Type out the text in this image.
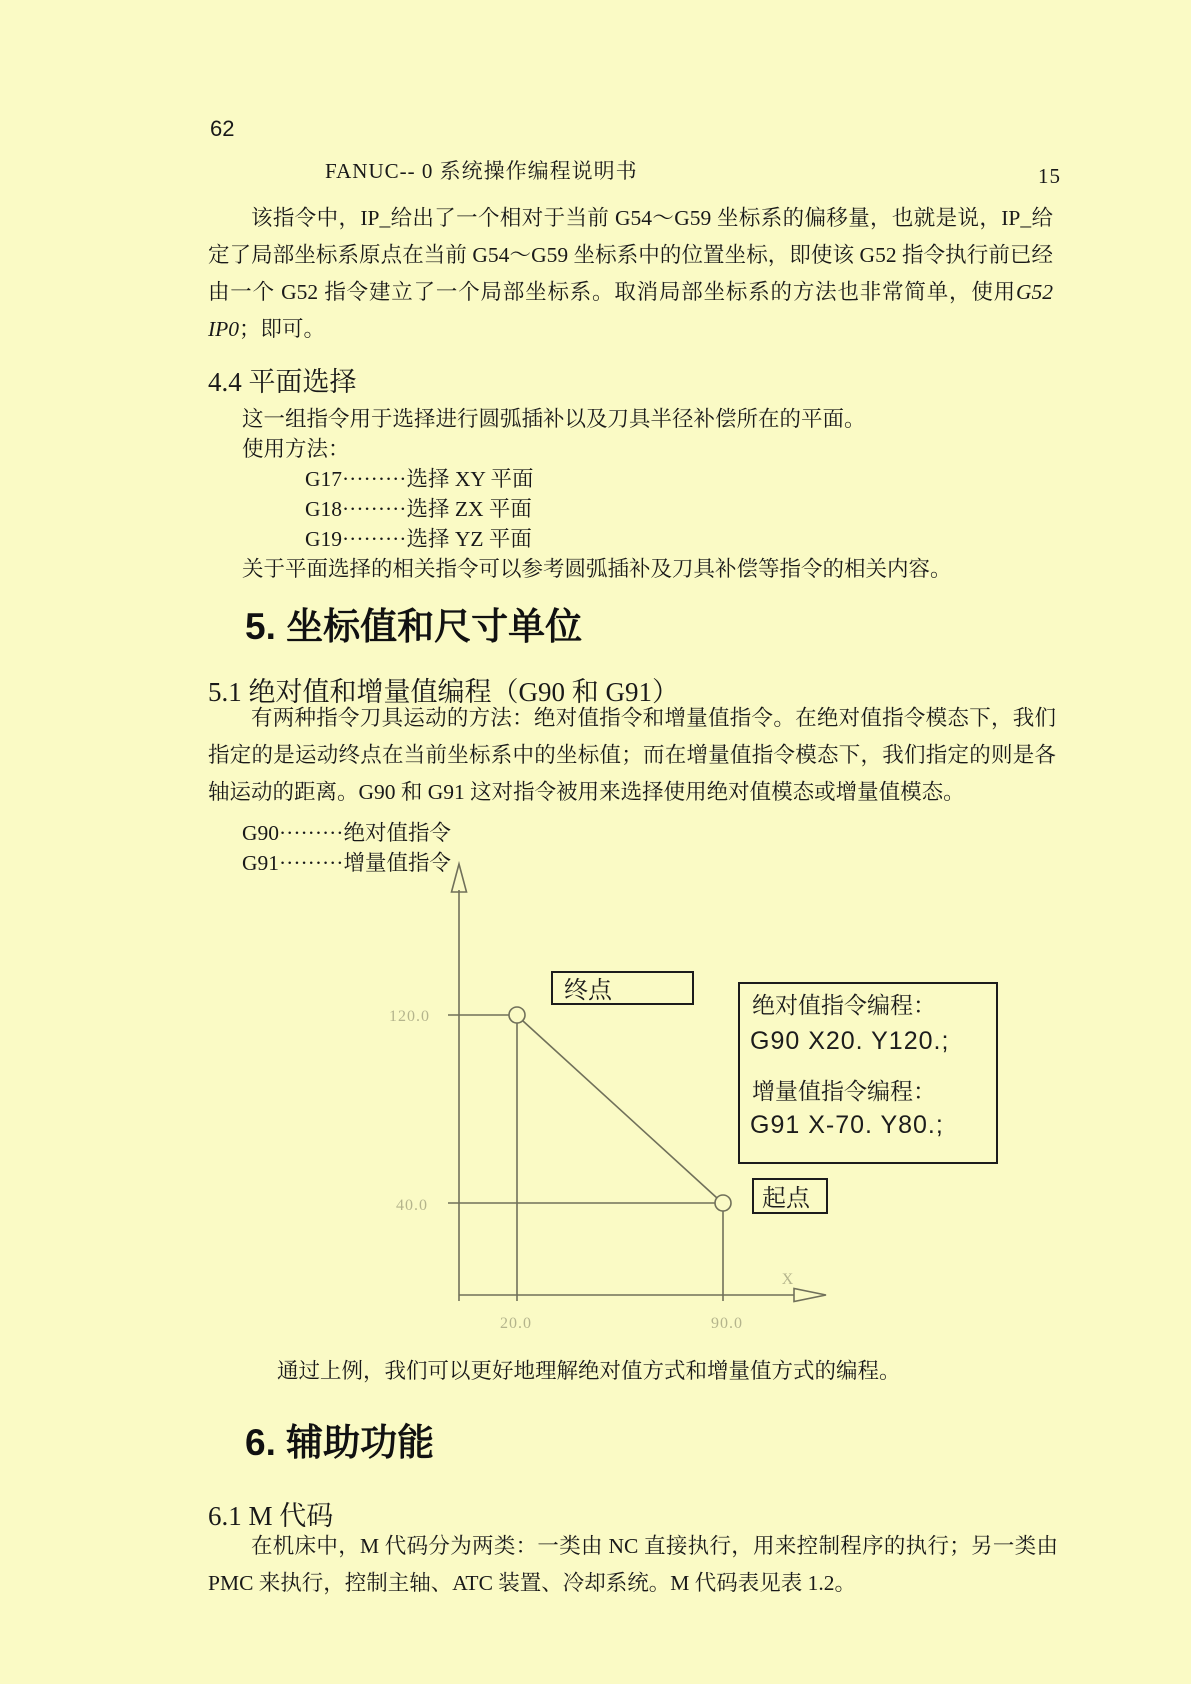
62
FANUC-- 0 系统操作编程说明书	15

该指令中，IP_给出了一个相对于当前 G54～G59 坐标系的偏移量，也就是说，IP_给定了局部坐标系原点在当前 G54～G59 坐标系中的位置坐标，即使该 G52 指令执行前已经由一个 G52 指令建立了一个局部坐标系。取消局部坐标系的方法也非常简单，使用G52 IP0；即可。

4.4 平面选择
这一组指令用于选择进行圆弧插补以及刀具半径补偿所在的平面。
使用方法：
G17·········选择 XY 平面
G18·········选择 ZX 平面
G19·········选择 YZ 平面
关于平面选择的相关指令可以参考圆弧插补及刀具补偿等指令的相关内容。
5. 坐标值和尺寸单位
5.1 绝对值和增量值编程（G90 和 G91）

有两种指令刀具运动的方法：绝对值指令和增量值指令。在绝对值指令模态下，我们指定的是运动终点在当前坐标系中的坐标值；而在增量值指令模态下，我们指定的则是各轴运动的距离。G90 和 G91 这对指令被用来选择使用绝对值模态或增量值模态。

G90·········绝对值指令
G91·········增量值指令
终点
起点
绝对值指令编程：
G90 X20. Y120.;
增量值指令编程：
G91 X-70. Y80.;
120.0
40.0
20.0	90.0
X
通过上例，我们可以更好地理解绝对值方式和增量值方式的编程。
6. 辅助功能
6.1 M 代码

在机床中，M 代码分为两类：一类由 NC 直接执行，用来控制程序的执行；另一类由 PMC 来执行，控制主轴、ATC 装置、冷却系统。M 代码表见表 1.2。
